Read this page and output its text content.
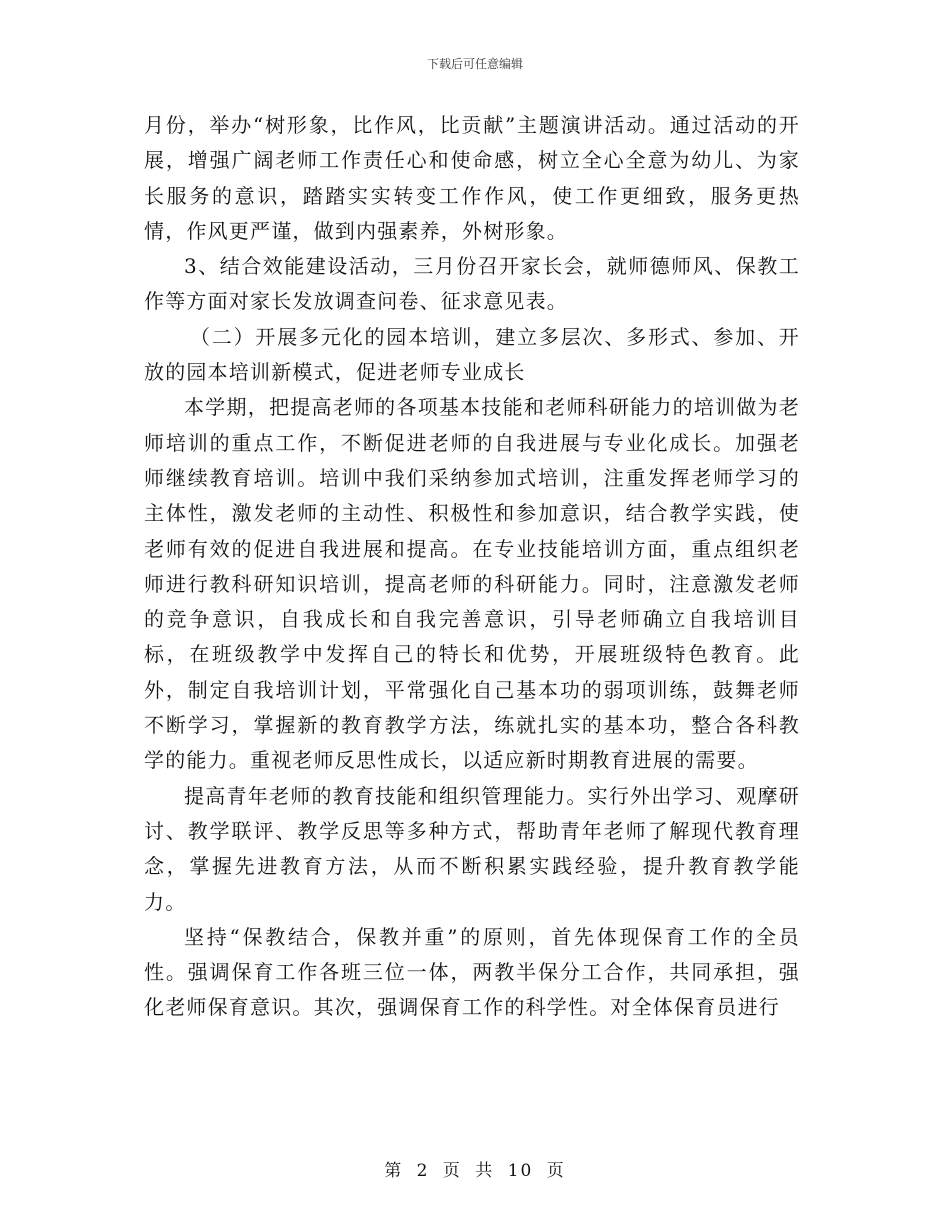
下载后可任意编辑

月份，举办“树形象，比作风，比贡献”主题演讲活动。通过活动的开展，增强广阔老师工作责任心和使命感，树立全心全意为幼儿、为家长服务的意识，踏踏实实转变工作作风，使工作更细致，服务更热情，作风更严谨，做到内强素养，外树形象。

3、结合效能建设活动，三月份召开家长会，就师德师风、保教工作等方面对家长发放调查问卷、征求意见表。

（二）开展多元化的园本培训，建立多层次、多形式、参加、开放的园本培训新模式，促进老师专业成长

本学期，把提高老师的各项基本技能和老师科研能力的培训做为老师培训的重点工作，不断促进老师的自我进展与专业化成长。加强老师继续教育培训。培训中我们采纳参加式培训，注重发挥老师学习的主体性，激发老师的主动性、积极性和参加意识，结合教学实践，使老师有效的促进自我进展和提高。在专业技能培训方面，重点组织老师进行教科研知识培训，提高老师的科研能力。同时，注意激发老师的竞争意识，自我成长和自我完善意识，引导老师确立自我培训目标，在班级教学中发挥自己的特长和优势，开展班级特色教育。此外，制定自我培训计划，平常强化自己基本功的弱项训练，鼓舞老师不断学习，掌握新的教育教学方法，练就扎实的基本功，整合各科教学的能力。重视老师反思性成长，以适应新时期教育进展的需要。

提高青年老师的教育技能和组织管理能力。实行外出学习、观摩研讨、教学联评、教学反思等多种方式，帮助青年老师了解现代教育理念，掌握先进教育方法，从而不断积累实践经验，提升教育教学能力。

坚持“保教结合，保教并重”的原则，首先体现保育工作的全员性。强调保育工作各班三位一体，两教半保分工合作，共同承担，强化老师保育意识。其次，强调保育工作的科学性。对全体保育员进行

第 2 页 共 10 页
